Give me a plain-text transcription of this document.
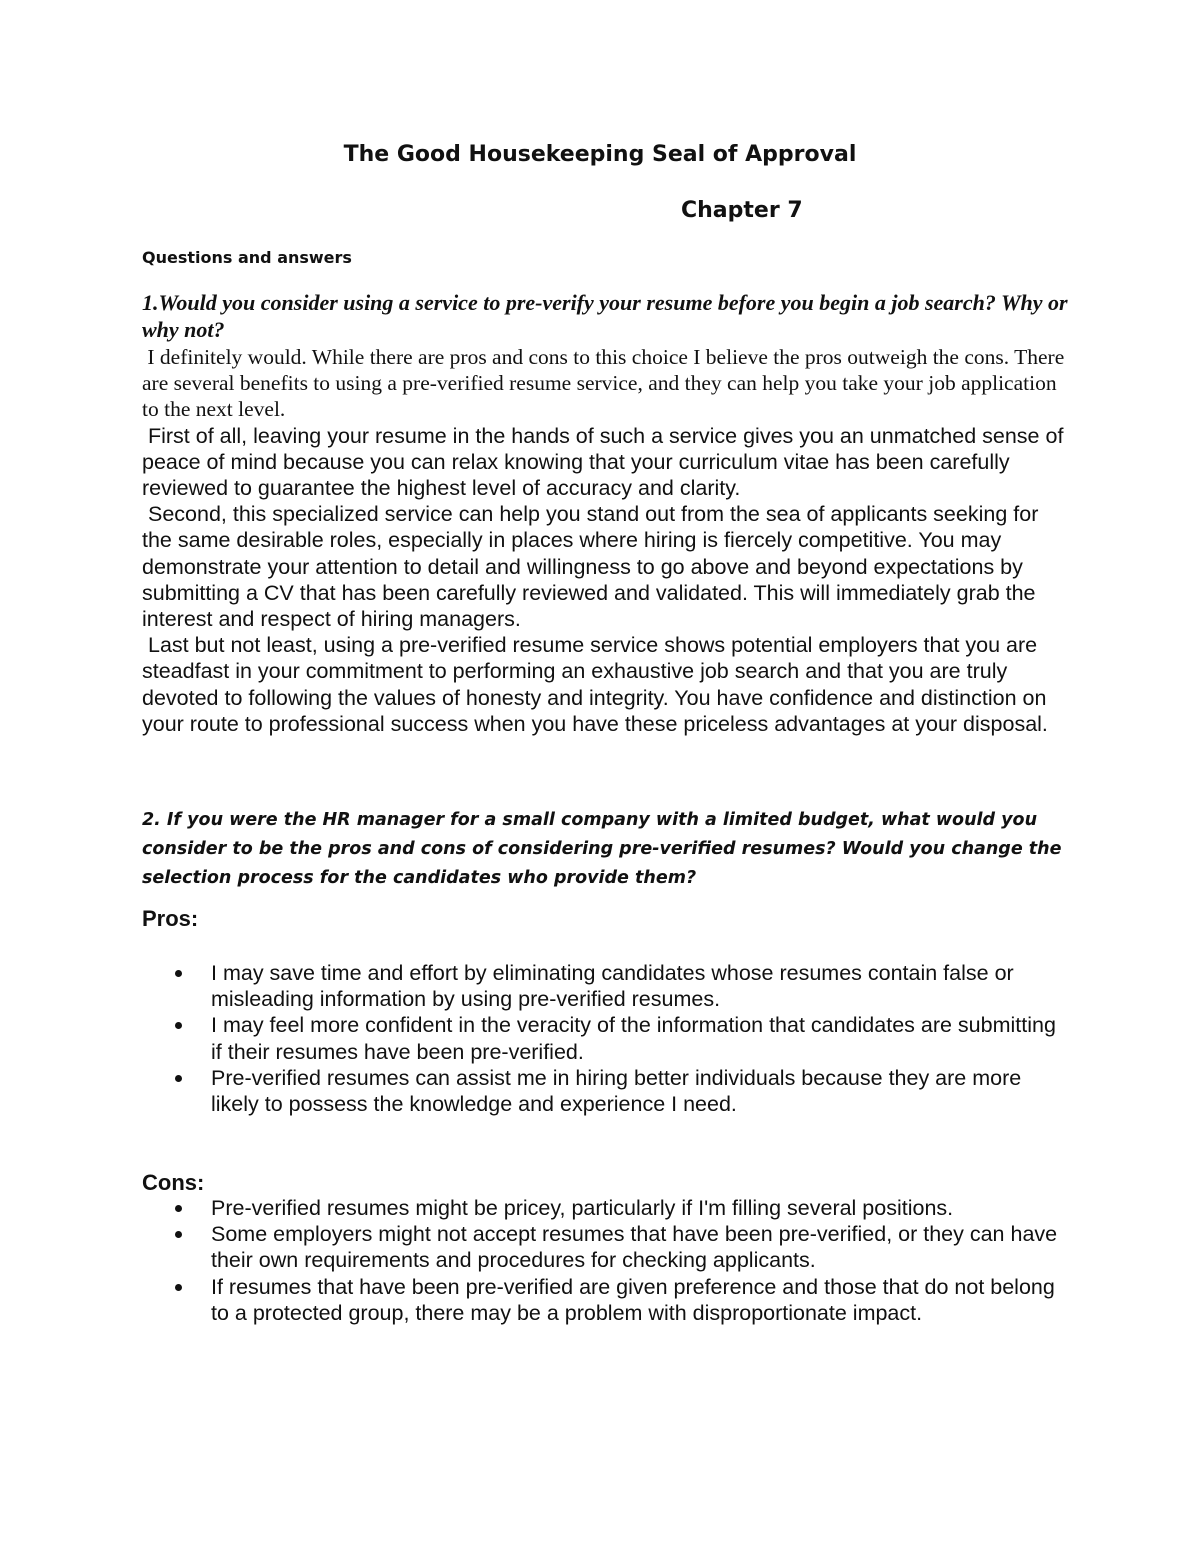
The Good Housekeeping Seal of Approval
Chapter 7
Questions and answers
1.Would you consider using a service to pre-verify your resume before you begin a job search? Why or why not?

I definitely would. While there are pros and cons to this choice I believe the pros outweigh the cons. There are several benefits to using a pre-verified resume service, and they can help you take your job application to the next level.

First of all, leaving your resume in the hands of such a service gives you an unmatched sense of peace of mind because you can relax knowing that your curriculum vitae has been carefully reviewed to guarantee the highest level of accuracy and clarity.

Second, this specialized service can help you stand out from the sea of applicants seeking for the same desirable roles, especially in places where hiring is fiercely competitive. You may demonstrate your attention to detail and willingness to go above and beyond expectations by submitting a CV that has been carefully reviewed and validated. This will immediately grab the interest and respect of hiring managers.

Last but not least, using a pre-verified resume service shows potential employers that you are steadfast in your commitment to performing an exhaustive job search and that you are truly devoted to following the values of honesty and integrity. You have confidence and distinction on your route to professional success when you have these priceless advantages at your disposal.

2. If you were the HR manager for a small company with a limited budget, what would you consider to be the pros and cons of considering pre-verified resumes? Would you change the selection process for the candidates who provide them?
Pros:
I may save time and effort by eliminating candidates whose resumes contain false or misleading information by using pre-verified resumes.
I may feel more confident in the veracity of the information that candidates are submitting if their resumes have been pre-verified.
Pre-verified resumes can assist me in hiring better individuals because they are more likely to possess the knowledge and experience I need.
Cons:
Pre-verified resumes might be pricey, particularly if I'm filling several positions.
Some employers might not accept resumes that have been pre-verified, or they can have their own requirements and procedures for checking applicants.
If resumes that have been pre-verified are given preference and those that do not belong to a protected group, there may be a problem with disproportionate impact.
